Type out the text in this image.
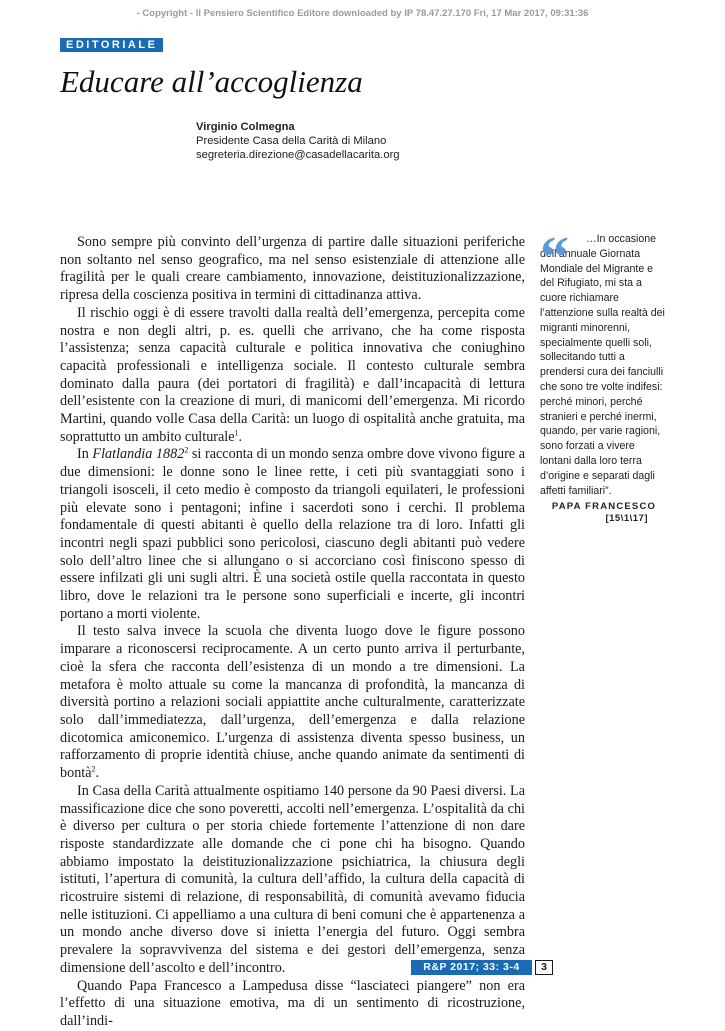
- Copyright - Il Pensiero Scientifico Editore downloaded by IP 78.47.27.170 Fri, 17 Mar 2017, 09:31:36
EDITORIALE
Educare all’accoglienza
Virginio Colmegna
Presidente Casa della Carità di Milano
segreteria.direzione@casadellacarita.org

Sono sempre più convinto dell’urgenza di partire dalle situazioni periferiche non soltanto nel senso geografico, ma nel senso esistenziale di attenzione alle fragilità per le quali creare cambiamento, innovazione, deistituzionalizzazione, ripresa della coscienza positiva in termini di cittadinanza attiva.

Il rischio oggi è di essere travolti dalla realtà dell’emergenza, percepita come nostra e non degli altri, p. es. quelli che arrivano, che ha come risposta l’assistenza; senza capacità culturale e politica innovativa che coniughino capacità professionali e intelligenza sociale. Il contesto culturale sembra dominato dalla paura (dei portatori di fragilità) e dall’incapacità di lettura dell’esistente con la creazione di muri, di manicomi dell’emergenza. Mi ricordo Martini, quando volle Casa della Carità: un luogo di ospitalità anche gratuita, ma soprattutto un ambito culturale$^1$.

In Flatlandia 1882$^2$ si racconta di un mondo senza ombre dove vivono figure a due dimensioni: le donne sono le linee rette, i ceti più svantaggiati sono i triangoli isosceli, il ceto medio è composto da triangoli equilateri, le professioni più elevate sono i pentagoni; infine i sacerdoti sono i cerchi. Il problema fondamentale di questi abitanti è quello della relazione tra di loro. Infatti gli incontri negli spazi pubblici sono pericolosi, ciascuno degli abitanti può vedere solo dell’altro linee che si allungano o si accorciano così finiscono spesso di essere infilzati gli uni sugli altri. È una società ostile quella raccontata in questo libro, dove le relazioni tra le persone sono superficiali e incerte, gli incontri portano a morti violente.

Il testo salva invece la scuola che diventa luogo dove le figure possono imparare a riconoscersi reciprocamente. A un certo punto arriva il perturbante, cioè la sfera che racconta dell’esistenza di un mondo a tre dimensioni. La metafora è molto attuale su come la mancanza di profondità, la mancanza di diversità portino a relazioni sociali appiattite anche culturalmente, caratterizzate solo dall’immediatezza, dall’urgenza, dell’emergenza e dalla relazione dicotomica amiconemico. L’urgenza di assistenza diventa spesso business, un rafforzamento di proprie identità chiuse, anche quando animate da sentimenti di bontà$^2$.

In Casa della Carità attualmente ospitiamo 140 persone da 90 Paesi diversi. La massificazione dice che sono poveretti, accolti nell’emergenza. L’ospitalità da chi è diverso per cultura o per storia chiede fortemente l’attenzione di non dare risposte standardizzate alle domande che ci pone chi ha bisogno. Quando abbiamo impostato la deistituzionalizzazione psichiatrica, la chiusura degli istituti, l’apertura di comunità, la cultura dell’affido, la cultura della capacità di ricostruire sistemi di relazione, di responsabilità, di comunità avevamo fiducia nelle istituzioni. Ci appelliamo a una cultura di beni comuni che è appartenenza a un mondo anche diverso dove si inietta l’energia del futuro. Oggi sembra prevalere la sopravvivenza del sistema e dei gestori dell’emergenza, senza dimensione dell’ascolto e dell’incontro.

Quando Papa Francesco a Lampedusa disse “lasciateci piangere” non era l’effetto di una situazione emotiva, ma di un sentimento di ricostruzione, dall’indi-

“	…In occasione dell’annuale Giornata Mondiale del Migrante e del Rifugiato, mi sta a cuore richiamare l’attenzione sulla realtà dei migranti minorenni, specialmente quelli soli, sollecitando tutti a prendersi cura dei fanciulli che sono tre volte indifesi: perché minori, perché stranieri e perché inermi, quando, per varie ragioni, sono forzati a vivere lontani dalla loro terra d’origine e separati dagli affetti familiari”.

PAPA FRANCESCO
[15\1\17]
R&P 2017; 33: 3-4	3
